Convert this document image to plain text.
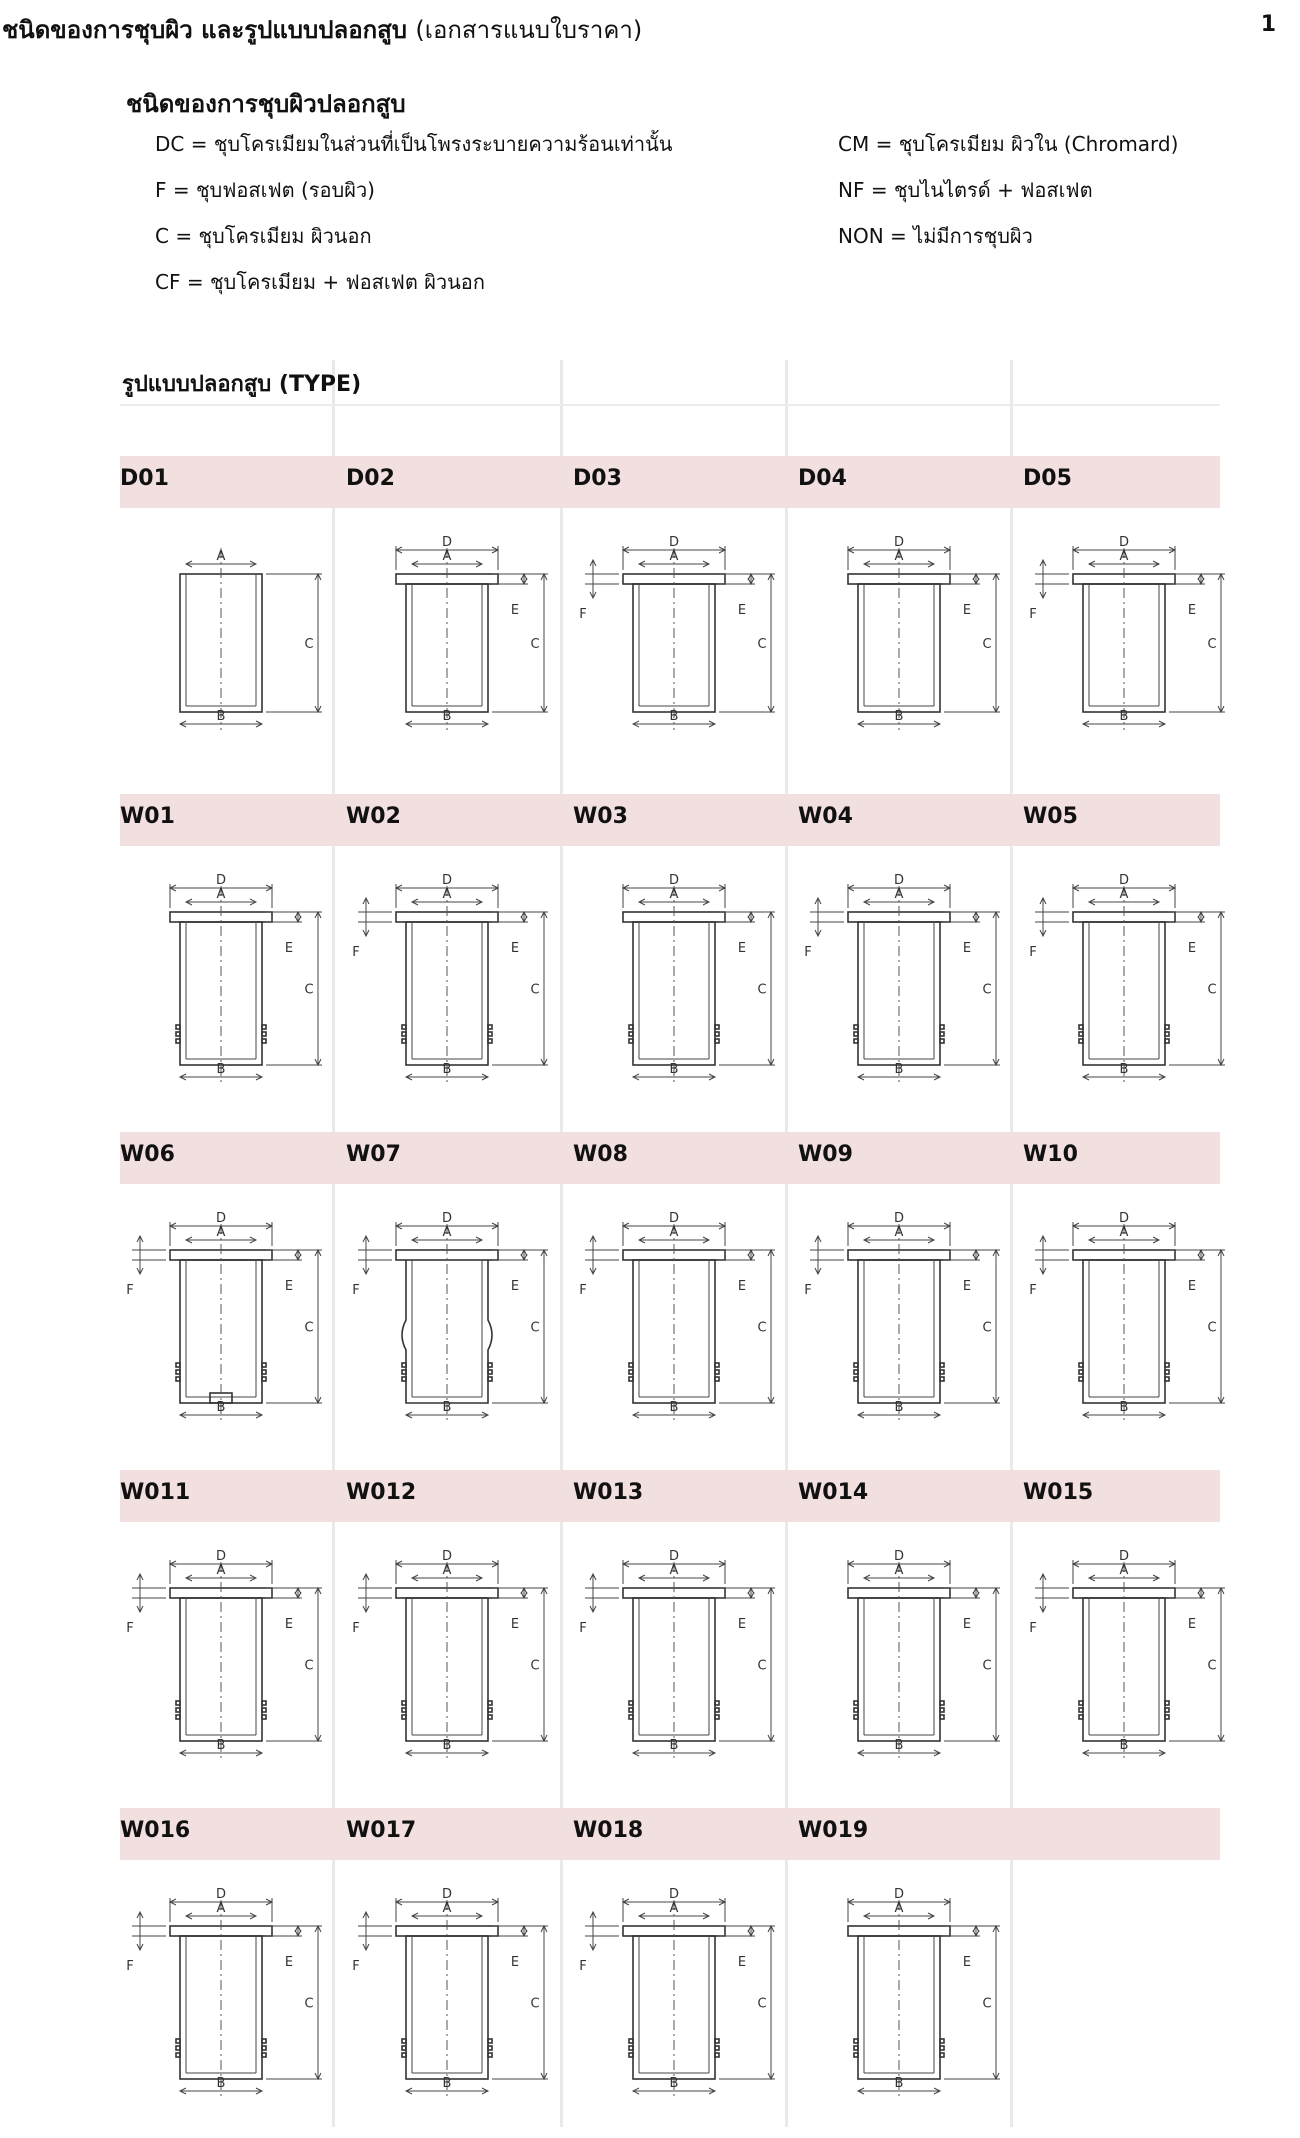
ชนิดของการชุบผิว และรูปแบบปลอกสูบ (เอกสารแนบใบราคา)	1
ชนิดของการชุบผิวปลอกสูบ
DC = ชุบโครเมียมในส่วนที่เป็นโพรงระบายความร้อนเท่านั้น
F = ชุบฟอสเฟต (รอบผิว)
C = ชุบโครเมียม ผิวนอก
CF = ชุบโครเมียม + ฟอสเฟต ผิวนอก
CM = ชุบโครเมียม ผิวใน (Chromard)
NF = ชุบไนไตรด์ + ฟอสเฟต
NON = ไม่มีการชุบผิว
D01
A
B
C
D02
D
A
B
C
E
D03
D
A
B
C
E
F
D04
D
A
B
C
E
D05
D
A
B
C
E
F
W01
D
A
B
C
E
W02
D
A
B
C
E
F
W03
D
A
B
C
E
W04
D
A
B
C
E
F
W05
D
A
B
C
E
F
W06
D
A
B
C
E
F
W07
D
A
B
C
E
F
W08
D
A
B
C
E
F
W09
D
A
B
C
E
F
W10
D
A
B
C
E
F
W011
D
A
B
C
E
F
W012
D
A
B
C
E
F
W013
D
A
B
C
E
F
W014
D
A
B
C
E
W015
D
A
B
C
E
F
W016
D
A
B
C
E
F
W017
D
A
B
C
E
F
W018
D
A
B
C
E
F
W019
D
A
B
C
E
รูปแบบปลอกสูบ (TYPE)
